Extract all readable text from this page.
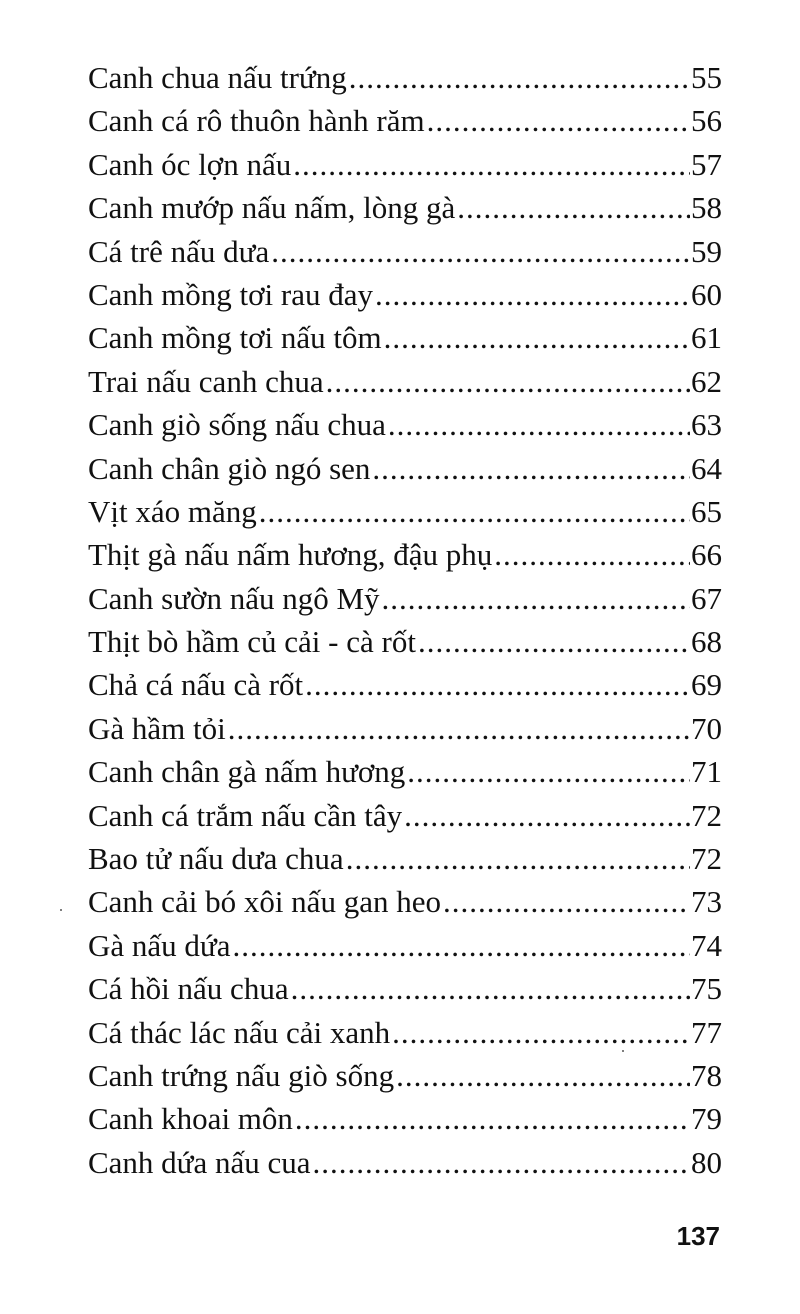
Canh chua nấu trứng .....	55
Canh cá rô thuôn hành răm .....	56
Canh óc lợn nấu .....	57
Canh mướp nấu nấm, lòng gà .....	58
Cá trê nấu dưa .....	59
Canh mồng tơi rau đay .....	60
Canh mồng tơi nấu tôm .....	61
Trai nấu canh chua .....	62
Canh giò sống nấu chua .....	63
Canh chân giò ngó sen .....	64
Vịt xáo măng .....	65
Thịt gà nấu nấm hương, đậu phụ .....	66
Canh sườn nấu ngô Mỹ .....	67
Thịt bò hầm củ cải - cà rốt .....	68
Chả cá nấu cà rốt .....	69
Gà hầm tỏi .....	70
Canh chân gà nấm hương .....	71
Canh cá trắm nấu cần tây .....	72
Bao tử nấu dưa chua .....	72
Canh cải bó xôi nấu gan heo .....	73
Gà nấu dứa .....	74
Cá hồi nấu chua .....	75
Cá thác lác nấu cải xanh .....	77
Canh trứng nấu giò sống .....	78
Canh khoai môn .....	79
Canh dứa nấu cua .....	80
137
